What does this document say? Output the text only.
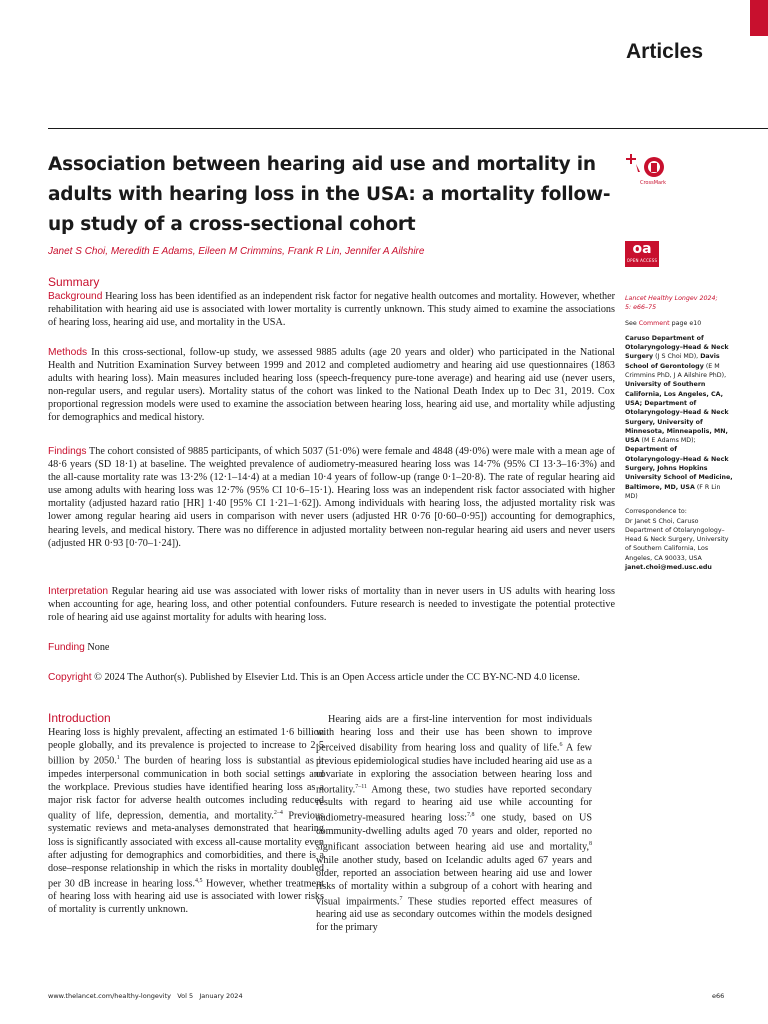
Articles
Association between hearing aid use and mortality in adults with hearing loss in the USA: a mortality follow-up study of a cross-sectional cohort
Janet S Choi, Meredith E Adams, Eileen M Crimmins, Frank R Lin, Jennifer A Ailshire
CrossMark
oa
OPEN ACCESS
Summary

Background Hearing loss has been identified as an independent risk factor for negative health outcomes and mortality. However, whether rehabilitation with hearing aid use is associated with lower mortality is currently unknown. This study aimed to examine the associations of hearing loss, hearing aid use, and mortality in the USA.

Methods In this cross-sectional, follow-up study, we assessed 9885 adults (age 20 years and older) who participated in the National Health and Nutrition Examination Survey between 1999 and 2012 and completed audiometry and hearing aid use questionnaires (1863 adults with hearing loss). Main measures included hearing loss (speech-frequency pure-tone average) and hearing aid use (never users, non-regular users, and regular users). Mortality status of the cohort was linked to the National Death Index up to Dec 31, 2019. Cox proportional regression models were used to examine the association between hearing loss, hearing aid use, and mortality while adjusting for demographics and medical history.

Findings The cohort consisted of 9885 participants, of which 5037 (51·0%) were female and 4848 (49·0%) were male with a mean age of 48·6 years (SD 18·1) at baseline. The weighted prevalence of audiometry-measured hearing loss was 14·7% (95% CI 13·3–16·3%) and the all-cause mortality rate was 13·2% (12·1–14·4) at a median 10·4 years of follow-up (range 0·1–20·8). The rate of regular hearing aid use among adults with hearing loss was 12·7% (95% CI 10·6–15·1). Hearing loss was an independent risk factor associated with higher mortality (adjusted hazard ratio [HR] 1·40 [95% CI 1·21–1·62]). Among individuals with hearing loss, the adjusted mortality risk was lower among regular hearing aid users in comparison with never users (adjusted HR 0·76 [0·60–0·95]) accounting for demographics, hearing levels, and medical history. There was no difference in adjusted mortality between non-regular hearing aid users and never users (adjusted HR 0·93 [0·70–1·24]).

Interpretation Regular hearing aid use was associated with lower risks of mortality than in never users in US adults with hearing loss when accounting for age, hearing loss, and other potential confounders. Future research is needed to investigate the potential protective role of hearing aid use against mortality for adults with hearing loss.

Funding None

Copyright © 2024 The Author(s). Published by Elsevier Ltd. This is an Open Access article under the CC BY-NC-ND 4.0 license.

Lancet Healthy Longev 2024;
5: e66–75

See Comment page e10

Caruso Department of Otolaryngology–Head & Neck Surgery (J S Choi MD), Davis School of Gerontology (E M Crimmins PhD, J A Ailshire PhD), University of Southern California, Los Angeles, CA, USA; Department of Otolaryngology–Head & Neck Surgery, University of Minnesota, Minneapolis, MN, USA (M E Adams MD); Department of Otolaryngology–Head & Neck Surgery, Johns Hopkins University School of Medicine, Baltimore, MD, USA (F R Lin MD)

Correspondence to:
Dr Janet S Choi, Caruso Department of Otolaryngology–Head & Neck Surgery, University of Southern California, Los Angeles, CA 90033, USA
janet.choi@med.usc.edu

Introduction

Hearing loss is highly prevalent, affecting an estimated 1·6 billion people globally, and its prevalence is projected to increase to 2·5 billion by 2050.$^1$ The burden of hearing loss is substantial as it impedes interpersonal communication in both social settings and the workplace. Previous studies have identified hearing loss as a major risk factor for adverse health outcomes including reduced quality of life, depression, dementia, and mortality.$^{2-4}$ Previous systematic reviews and meta-analyses demonstrated that hearing loss is significantly associated with excess all-cause mortality even after adjusting for demographics and comorbidities, and there is a dose–response relationship in which the risks in mortality doubled per 30 dB increase in hearing loss.$^{4,5}$ However, whether treatment of hearing loss with hearing aid use is associated with lower risks of mortality is currently unknown.

Hearing aids are a first-line intervention for most individuals with hearing loss and their use has been shown to improve perceived disability from hearing loss and quality of life.$^6$ A few previous epidemiological studies have included hearing aid use as a covariate in exploring the association between hearing loss and mortality.$^{7-11}$ Among these, two studies have reported secondary results with regard to hearing aid use while accounting for audiometry-measured hearing loss:$^{7,8}$ one study, based on US community-dwelling adults aged 70 years and older, reported no significant association between hearing aid use and mortality,$^8$ while another study, based on Icelandic adults aged 67 years and older, reported an association between hearing aid use and lower risks of mortality within a subgroup of a cohort with hearing and visual impairments.$^7$ These studies reported effect measures of hearing aid use as secondary outcomes within the models designed for the primary

www.thelancet.com/healthy-longevity Vol 5 January 2024	e66
